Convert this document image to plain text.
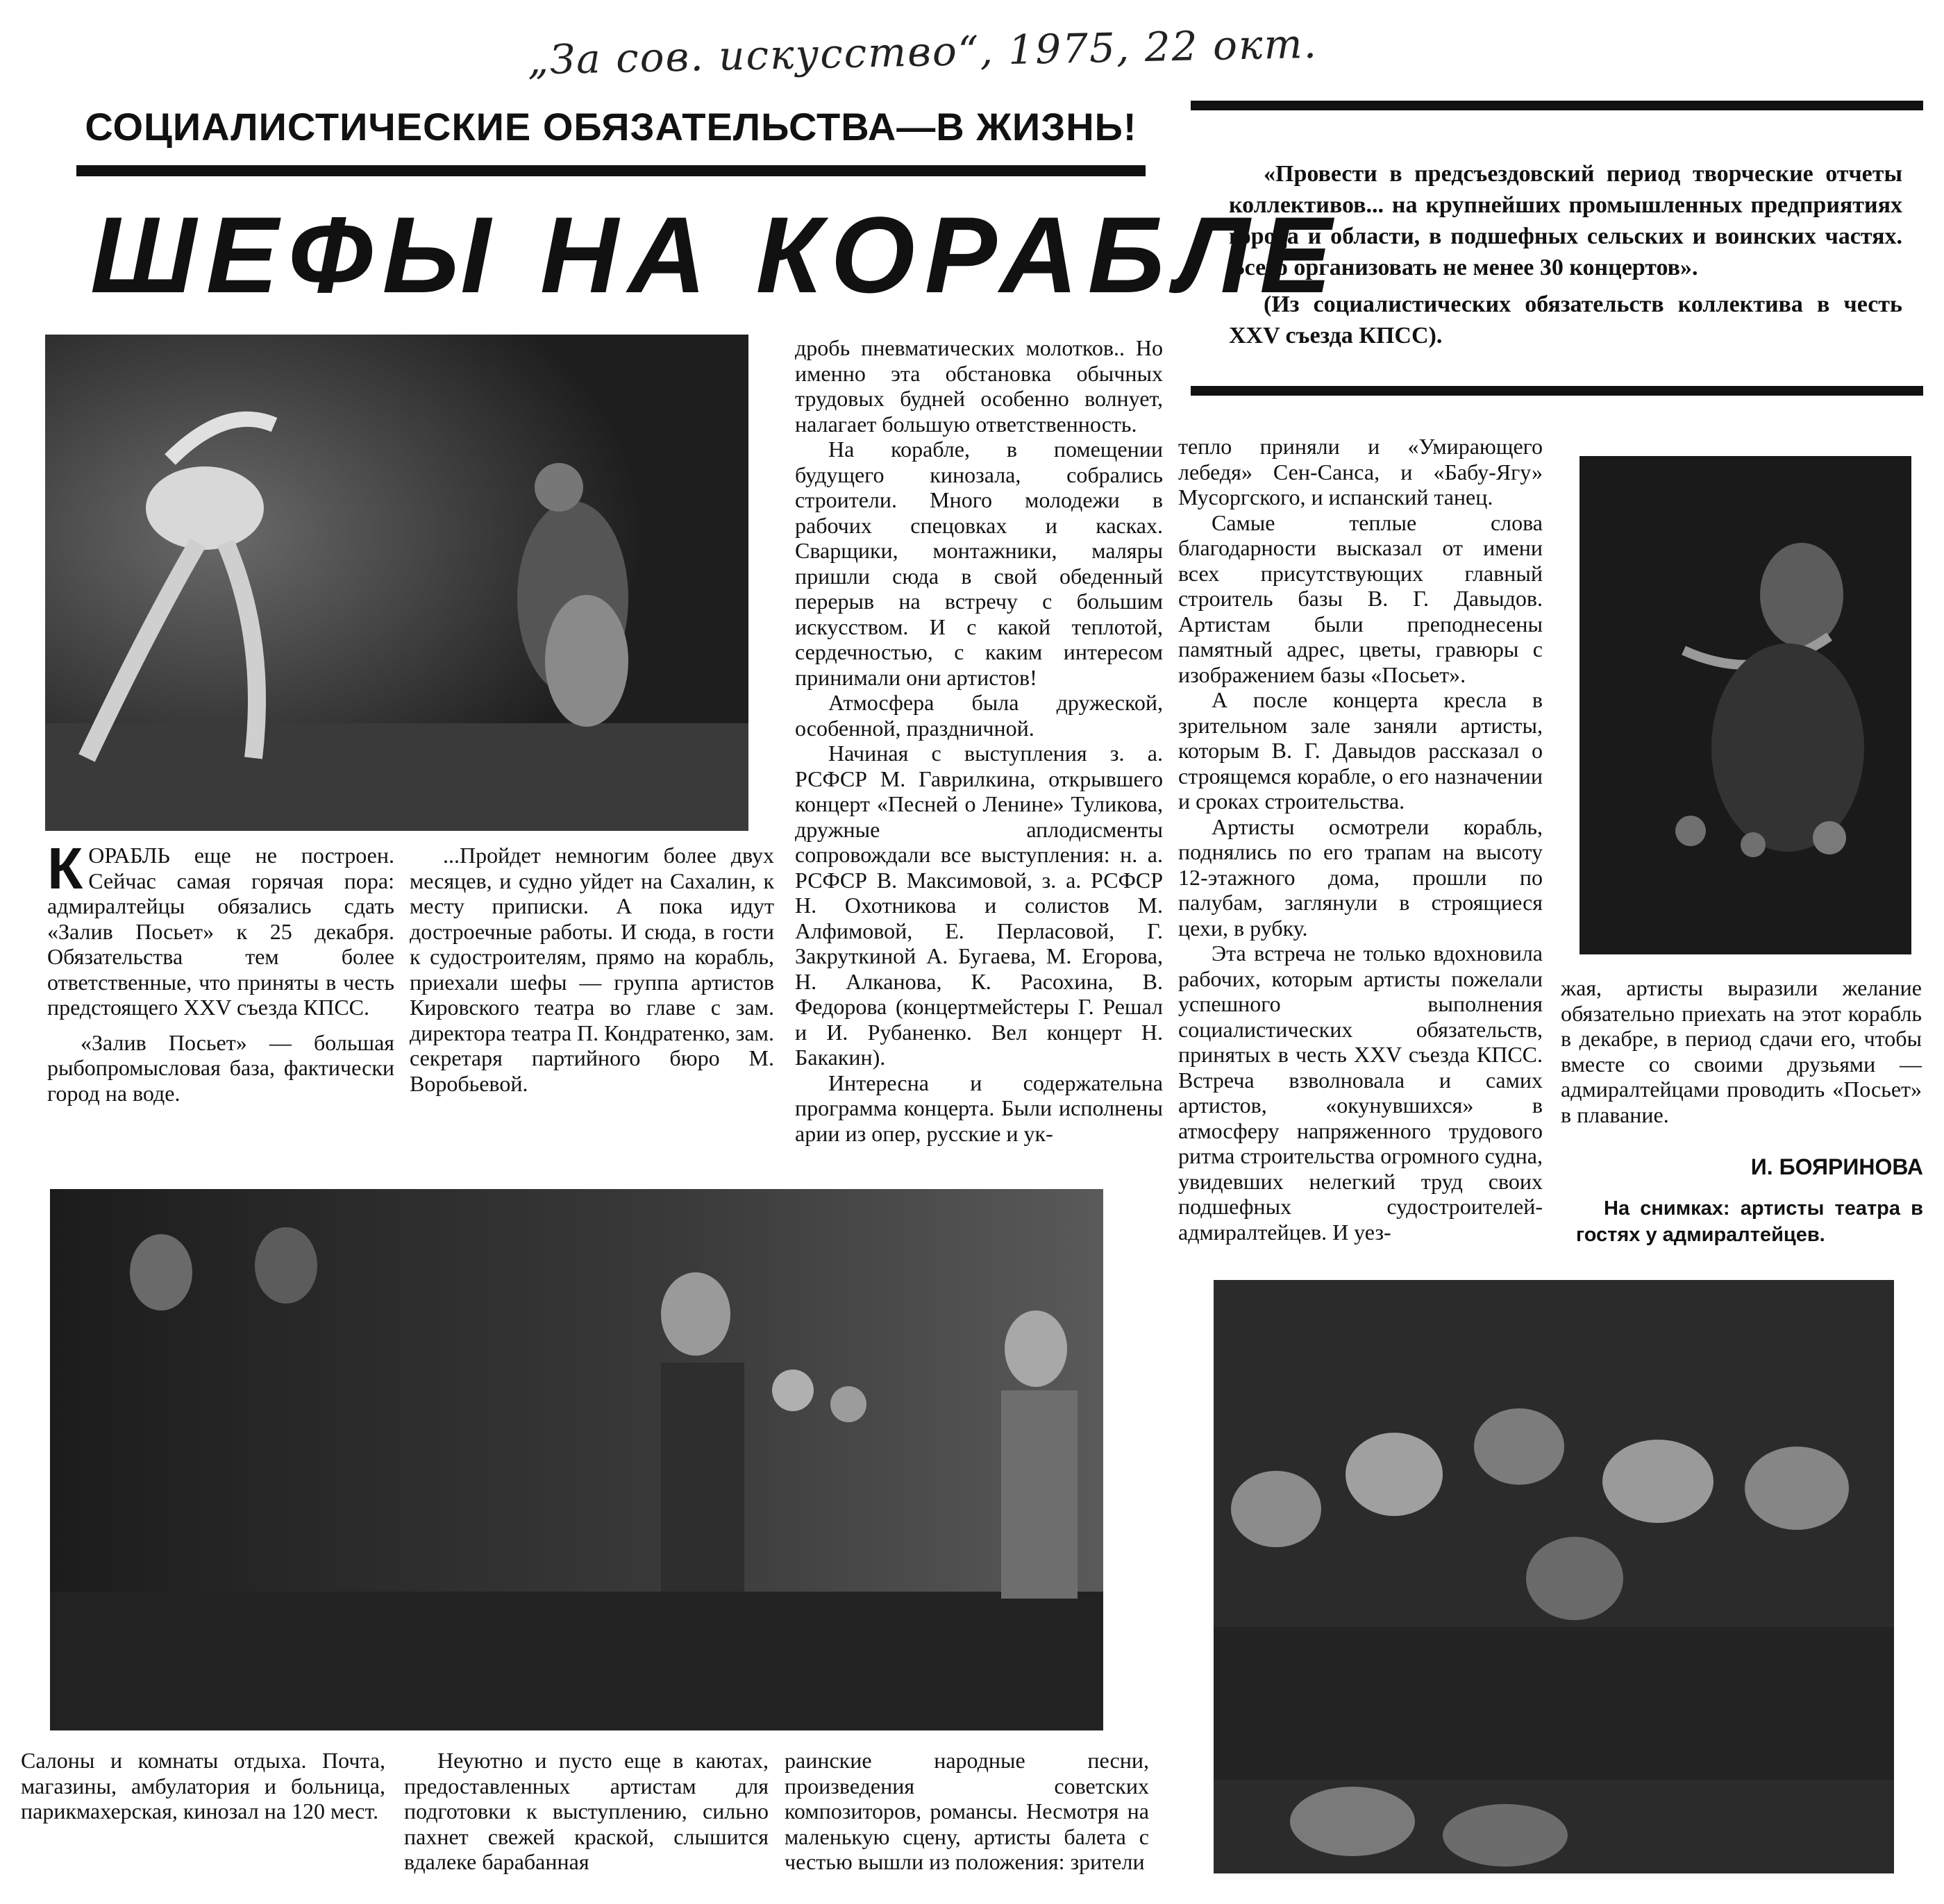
„За сов. искусство“, 1975, 22 окт.
СОЦИАЛИСТИЧЕСКИЕ ОБЯЗАТЕЛЬСТВА—В ЖИЗНЬ!
ШЕФЫ НА КОРАБЛЕ

«Провести в предсъездовский период творческие отчеты коллективов... на крупнейших промышленных предприятиях города и области, в подшефных сельских и воинских частях. Всего организовать не менее 30 концертов».

(Из социалистических обязательств коллектива в честь XXV съезда КПСС).

КОРАБЛЬ еще не построен. Сейчас самая горячая пора: адмиралтейцы обязались сдать «Залив Посьет» к 25 декабря. Обязательства тем более ответственные, что приняты в честь предстоящего XXV съезда КПСС.

«Залив Посьет» — большая рыбопромысловая база, фактически город на воде.

...Пройдет немногим более двух месяцев, и судно уйдет на Сахалин, к месту приписки. А пока идут достроечные работы. И сюда, в гости к судостроителям, прямо на корабль, приехали шефы — группа артистов Кировского театра во главе с зам. директора театра П. Кондратенко, зам. секретаря партийного бюро М. Воробьевой.

дробь пневматических молотков.. Но именно эта обстановка обычных трудовых будней особенно волнует, налагает большую ответственность.

На корабле, в помещении будущего кинозала, собрались строители. Много молодежи в рабочих спецовках и касках. Сварщики, монтажники, маляры пришли сюда в свой обеденный перерыв на встречу с большим искусством. И с какой теплотой, сердечностью, с каким интересом принимали они артистов!

Атмосфера была дружеской, особенной, праздничной.

Начиная с выступления з. а. РСФСР М. Гаврилкина, открывшего концерт «Песней о Ленине» Туликова, дружные аплодисменты сопровождали все выступления: н. а. РСФСР В. Максимовой, з. а. РСФСР Н. Охотникова и солистов М. Алфимовой, Е. Перласовой, Г. Закруткиной А. Бугаева, М. Егорова, Н. Алканова, К. Расохина, В. Федорова (концертмейстеры Г. Решал и И. Рубаненко. Вел концерт Н. Бакакин).

Интересна и содержательна программа концерта. Были исполнены арии из опер, русские и ук-

тепло приняли и «Умирающего лебедя» Сен-Санса, и «Бабу-Ягу» Мусоргского, и испанский танец.

Самые теплые слова благодарности высказал от имени всех присутствующих главный строитель базы В. Г. Давыдов. Артистам были преподнесены памятный адрес, цветы, гравюры с изображением базы «Посьет».

А после концерта кресла в зрительном зале заняли артисты, которым В. Г. Давыдов рассказал о строящемся корабле, о его назначении и сроках строительства.

Артисты осмотрели корабль, поднялись по его трапам на высоту 12-этажного дома, прошли по палубам, заглянули в строящиеся цехи, в рубку.

Эта встреча не только вдохновила рабочих, которым артисты пожелали успешного выполнения социалистических обязательств, принятых в честь XXV съезда КПСС. Встреча взволновала и самих артистов, «окунувшихся» в атмосферу напряженного трудового ритма строительства огромного судна, увидевших нелегкий труд своих подшефных судостроителей-адмиралтейцев. И уез-

жая, артисты выразили желание обязательно приехать на этот корабль в декабре, в период сдачи его, чтобы вместе со своими друзьями — адмиралтейцами проводить «Посьет» в плавание.

И. БОЯРИНОВА
На снимках: артисты театра в гостях у адмиралтейцев.

Салоны и комнаты отдыха. Почта, магазины, амбулатория и больница, парикмахерская, кинозал на 120 мест.

Неуютно и пусто еще в каютах, предоставленных артистам для подготовки к выступлению, сильно пахнет свежей краской, слышится вдалеке барабанная

раинские народные песни, произведения советских композиторов, романсы. Несмотря на маленькую сцену, артисты балета с честью вышли из положения: зрители
